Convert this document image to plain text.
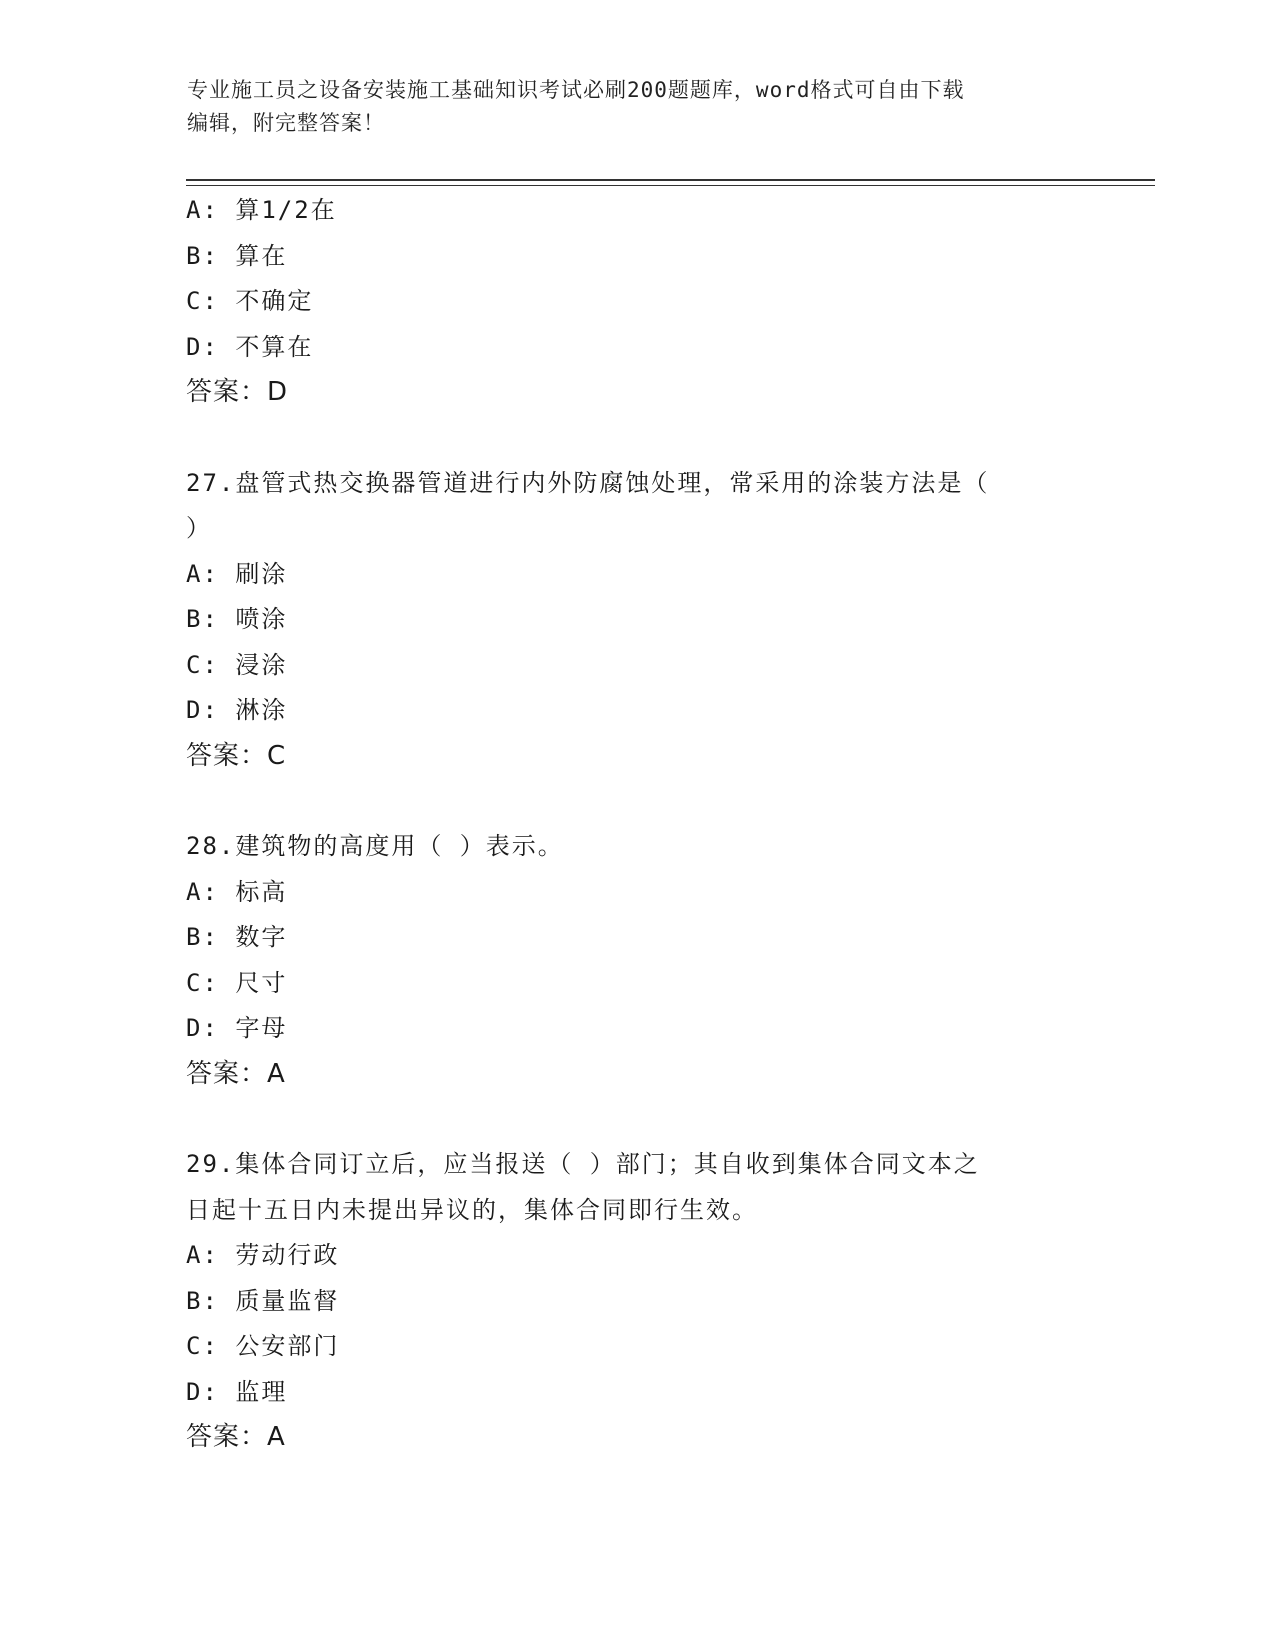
专业施工员之设备安装施工基础知识考试必刷200题题库，word格式可自由下载
编辑，附完整答案！
A: 算1/2在
B: 算在
C: 不确定
D: 不算在
答案：D
27.盘管式热交换器管道进行内外防腐蚀处理，常采用的涂装方法是（
）
A: 刷涂
B: 喷涂
C: 浸涂
D: 淋涂
答案：C
28.建筑物的高度用（ ）表示。
A: 标高
B: 数字
C: 尺寸
D: 字母
答案：A
29.集体合同订立后，应当报送（ ）部门；其自收到集体合同文本之
日起十五日内未提出异议的，集体合同即行生效。
A: 劳动行政
B: 质量监督
C: 公安部门
D: 监理
答案：A
